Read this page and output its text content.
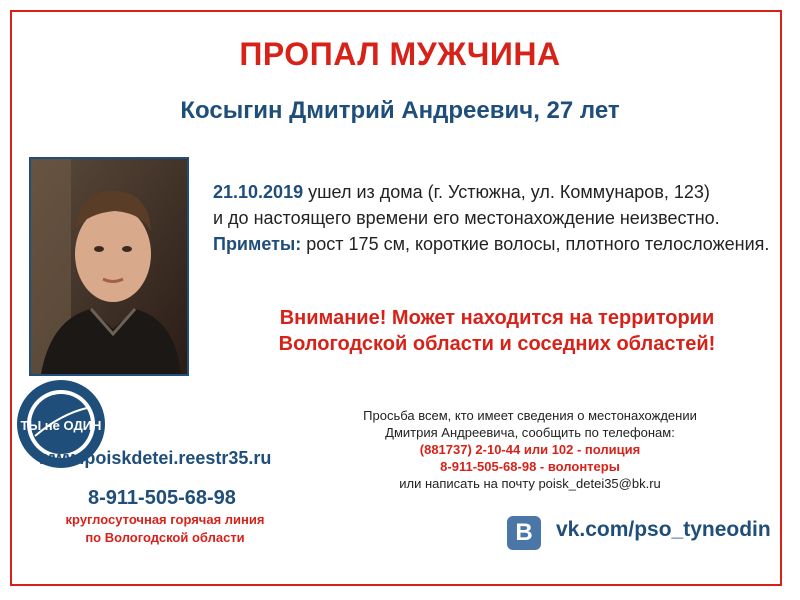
ПРОПАЛ МУЖЧИНА
Косыгин Дмитрий Андреевич, 27 лет
21.10.2019 ушел из дома (г. Устюжна, ул. Коммунаров, 123)
и до настоящего времени его местонахождение неизвестно.
Приметы: рост 175 см, короткие волосы, плотного телосложения.
Внимание! Может находится на территории
Вологодской области и соседних областей!
ТЫ не ОДИН
www.poiskdetei.reestr35.ru
8-911-505-68-98
круглосуточная горячая линия
по Вологодской области
Просьба всем, кто имеет сведения о местонахождении
Дмитрия Андреевича, сообщить по телефонам:
(881737) 2-10-44 или 102 - полиция
8-911-505-68-98 - волонтеры
или написать на почту poisk_detei35@bk.ru
В	vk.com/pso_tyneodin
